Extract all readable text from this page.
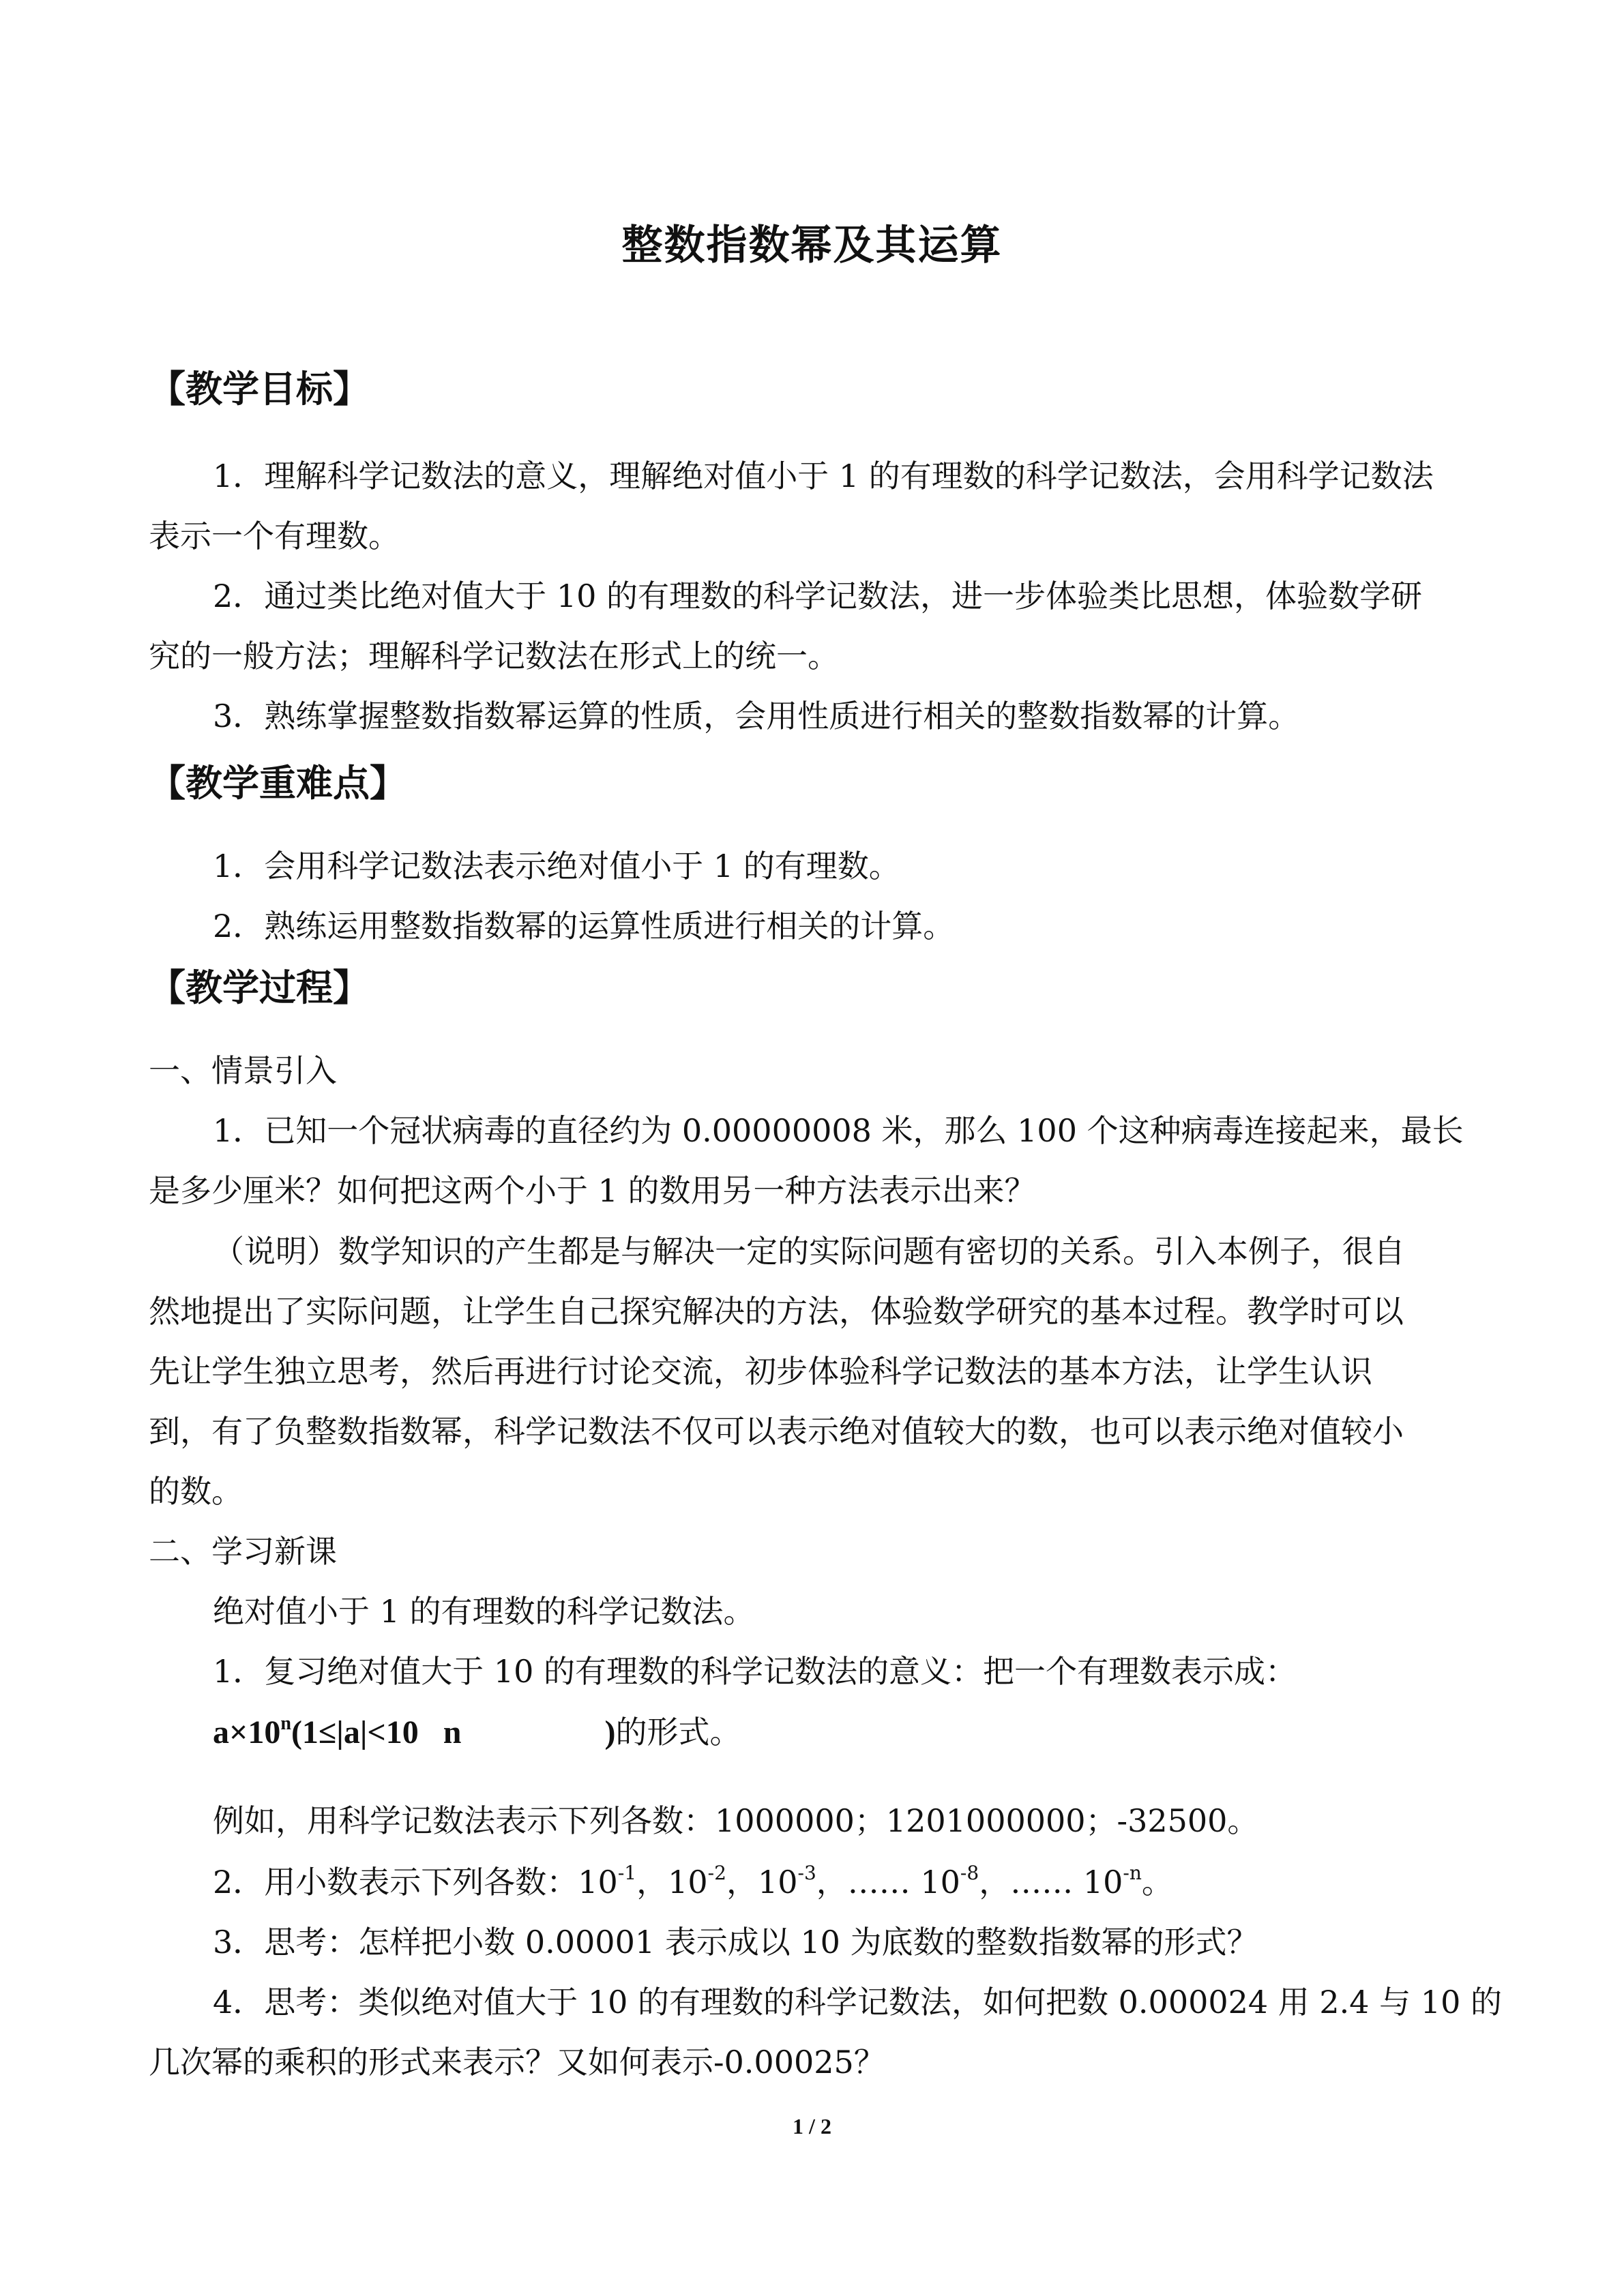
整数指数幂及其运算
【教学目标】
1．理解科学记数法的意义，理解绝对值小于 1 的有理数的科学记数法，会用科学记数法
表示一个有理数。
2．通过类比绝对值大于 10 的有理数的科学记数法，进一步体验类比思想，体验数学研
究的一般方法；理解科学记数法在形式上的统一。
3．熟练掌握整数指数幂运算的性质，会用性质进行相关的整数指数幂的计算。
【教学重难点】
1．会用科学记数法表示绝对值小于 1 的有理数。
2．熟练运用整数指数幂的运算性质进行相关的计算。
【教学过程】
一、情景引入
1．已知一个冠状病毒的直径约为 0.00000008 米，那么 100 个这种病毒连接起来，最长
是多少厘米？如何把这两个小于 1 的数用另一种方法表示出来？
（说明）数学知识的产生都是与解决一定的实际问题有密切的关系。引入本例子，很自
然地提出了实际问题，让学生自己探究解决的方法，体验数学研究的基本过程。教学时可以
先让学生独立思考，然后再进行讨论交流，初步体验科学记数法的基本方法，让学生认识
到，有了负整数指数幂，科学记数法不仅可以表示绝对值较大的数，也可以表示绝对值较小
的数。
二、学习新课
绝对值小于 1 的有理数的科学记数法。
1．复习绝对值大于 10 的有理数的科学记数法的意义：把一个有理数表示成：
$a\times 10^n(1\le|a|<10$ n	)的形式。
例如，用科学记数法表示下列各数：1000000；1201000000；-32500。
2．用小数表示下列各数：$10^{-1}$，$10^{-2}$，$10^{-3}$，…… $10^{-8}$，…… $10^{-n}$。
3．思考：怎样把小数 0.00001 表示成以 10 为底数的整数指数幂的形式？
4．思考：类似绝对值大于 10 的有理数的科学记数法，如何把数 0.000024 用 2.4 与 10 的
几次幂的乘积的形式来表示？又如何表示-0.00025？
1 / 2
